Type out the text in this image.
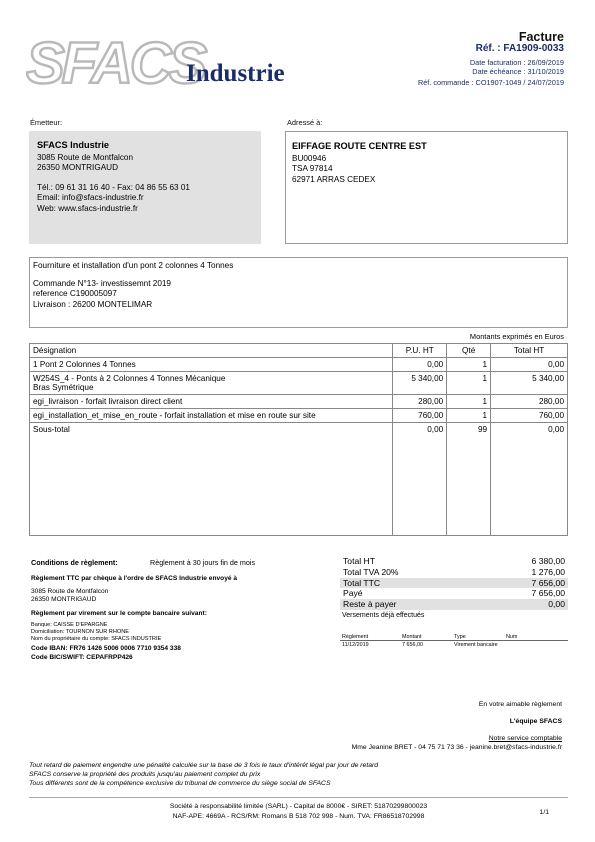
SFACS
Industrie
Facture
Réf. : FA1909-0033
Date facturation : 26/09/2019
Date échéance : 31/10/2019
Réf. commande : CO1907-1049 / 24/07/2019
Émetteur:	Adressé à:
SFACS Industrie
3085 Route de Montfalcon
26350 MONTRIGAUD
Tél.: 09 61 31 16 40 - Fax: 04 86 55 63 01
Email: info@sfacs-industrie.fr
Web: www.sfacs-industrie.fr
EIFFAGE ROUTE CENTRE EST
BU00946
TSA 97814
62971 ARRAS CEDEX
Fourniture et installation d'un pont 2 colonnes 4 Tonnes
Commande N°13- investissemnt 2019
reference C190005097
Livraison : 26200 MONTELIMAR
Montants exprimés en Euros
Désignation	P.U. HT	Qté	Total HT
1 Pont 2 Colonnes 4 Tonnes	0,00	1	0,00

W254S_4 - Ponts à 2 Colonnes 4 Tonnes Mécanique
Bras Symétrique	5 340,00	1	5 340,00
egi_livraison - forfait livraison direct client	280,00	1	280,00
egi_installation_et_mise_en_route - forfait installation et mise en route sur site	760,00	1	760,00
Sous-total	0,00	99	0,00
Conditions de règlement:	Règlement à 30 jours fin de mois
Règlement TTC par chèque à l'ordre de SFACS Industrie envoyé à
3085 Route de Montfalcon
26350 MONTRIGAUD
Règlement par virement sur le compte bancaire suivant:
Banque: CAISSE D'EPARGNE
Domiciliation: TOURNON SUR RHONE
Nom du propriétaire du compte: SFACS INDUSTRIE
Code IBAN: FR76 1426 5006 0006 7710 9354 338
Code BIC/SWIFT: CEPAFRPP426
Total HT	6 380,00
Total TVA 20%	1 276,00
Total TTC	7 656,00
Payé	7 656,00
Reste à payer	0,00
Versements déjà effectués
Règlement	Montant	Type	Num
11/12/2019	7 656,00	Virement bancaire
En votre aimable règlement
L'équipe SFACS
Notre service comptable
Mme Jeanine BRET - 04 75 71 73 36 - jeanine.bret@sfacs-industrie.fr
Tout retard de paiement engendre une pénalité calculée sur la base de 3 fois le taux d'intérêt légal par jour de retard
SFACS conserve la propriété des produits jusqu'au paiement complet du prix
Tous différents sont de la compétence exclusive du tribunal de commerce du siège social de SFACS
Société à responsabilité limitée (SARL) - Capital de 8000€ - SIRET: 51870299800023
NAF-APE: 4669A - RCS/RM: Romans B 518 702 998 - Num. TVA: FR86518702998	1/1
